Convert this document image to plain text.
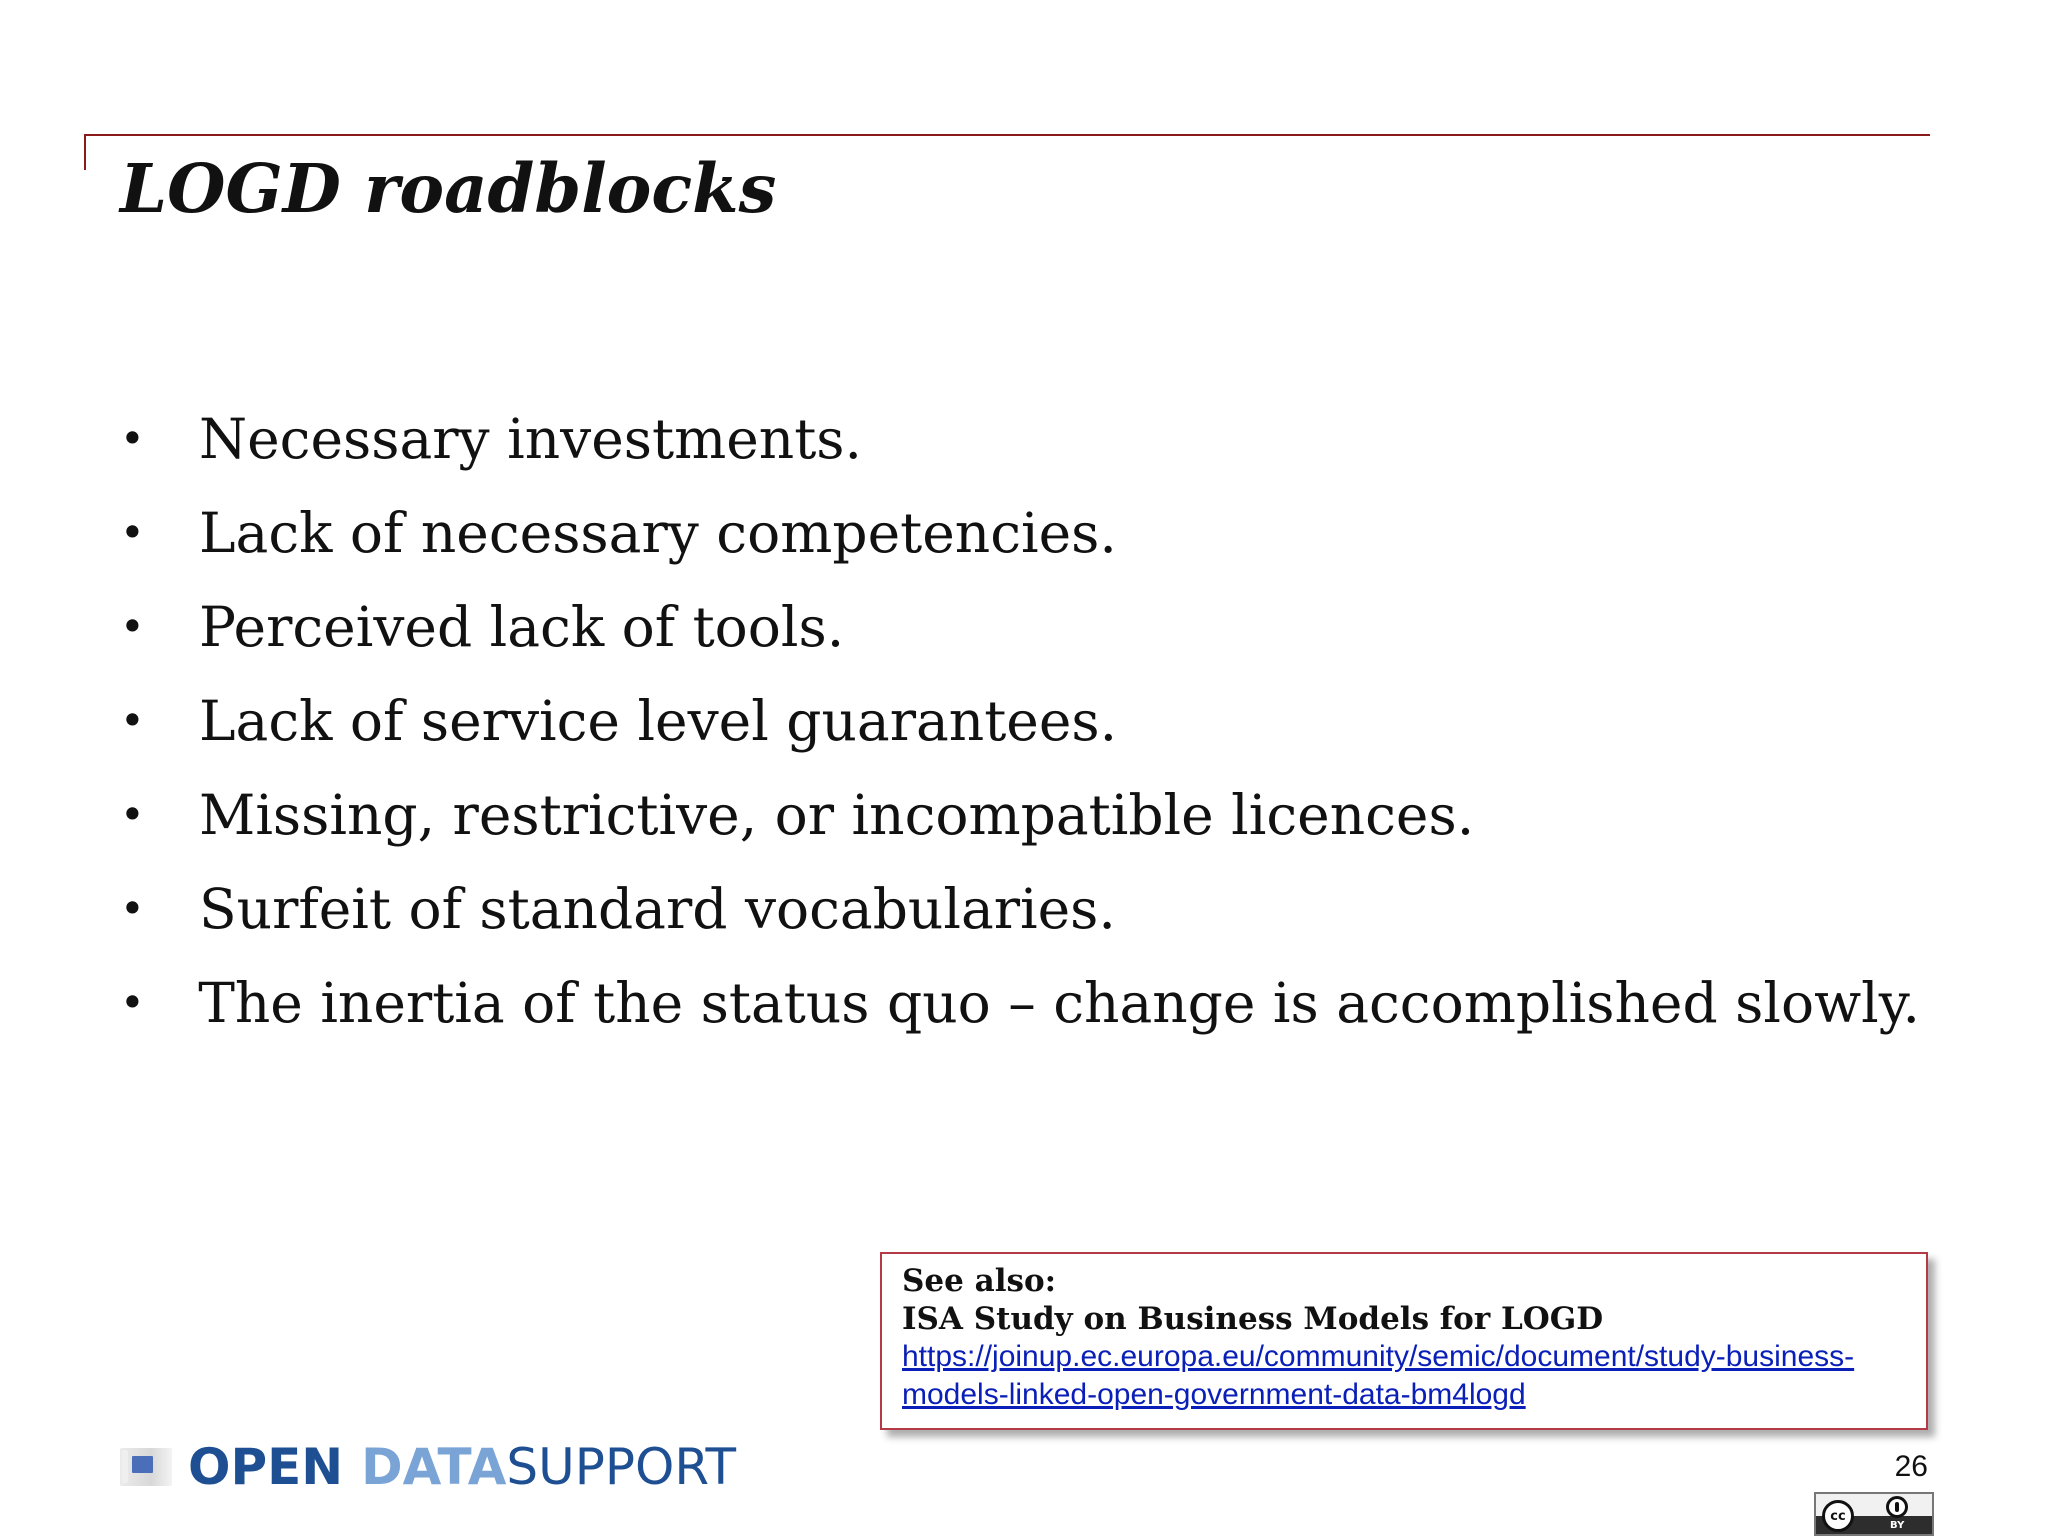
LOGD roadblocks
• Necessary investments.
• Lack of necessary competencies.
• Perceived lack of tools.
• Lack of service level guarantees.
• Missing, restrictive, or incompatible licences.
• Surfeit of standard vocabularies.
• The inertia of the status quo – change is accomplished slowly.
See also:
ISA Study on Business Models for LOGD
https://joinup.ec.europa.eu/community/semic/document/study-business-models-linked-open-government-data-bm4logd
OPEN DATA SUPPORT	26
cc
BY
